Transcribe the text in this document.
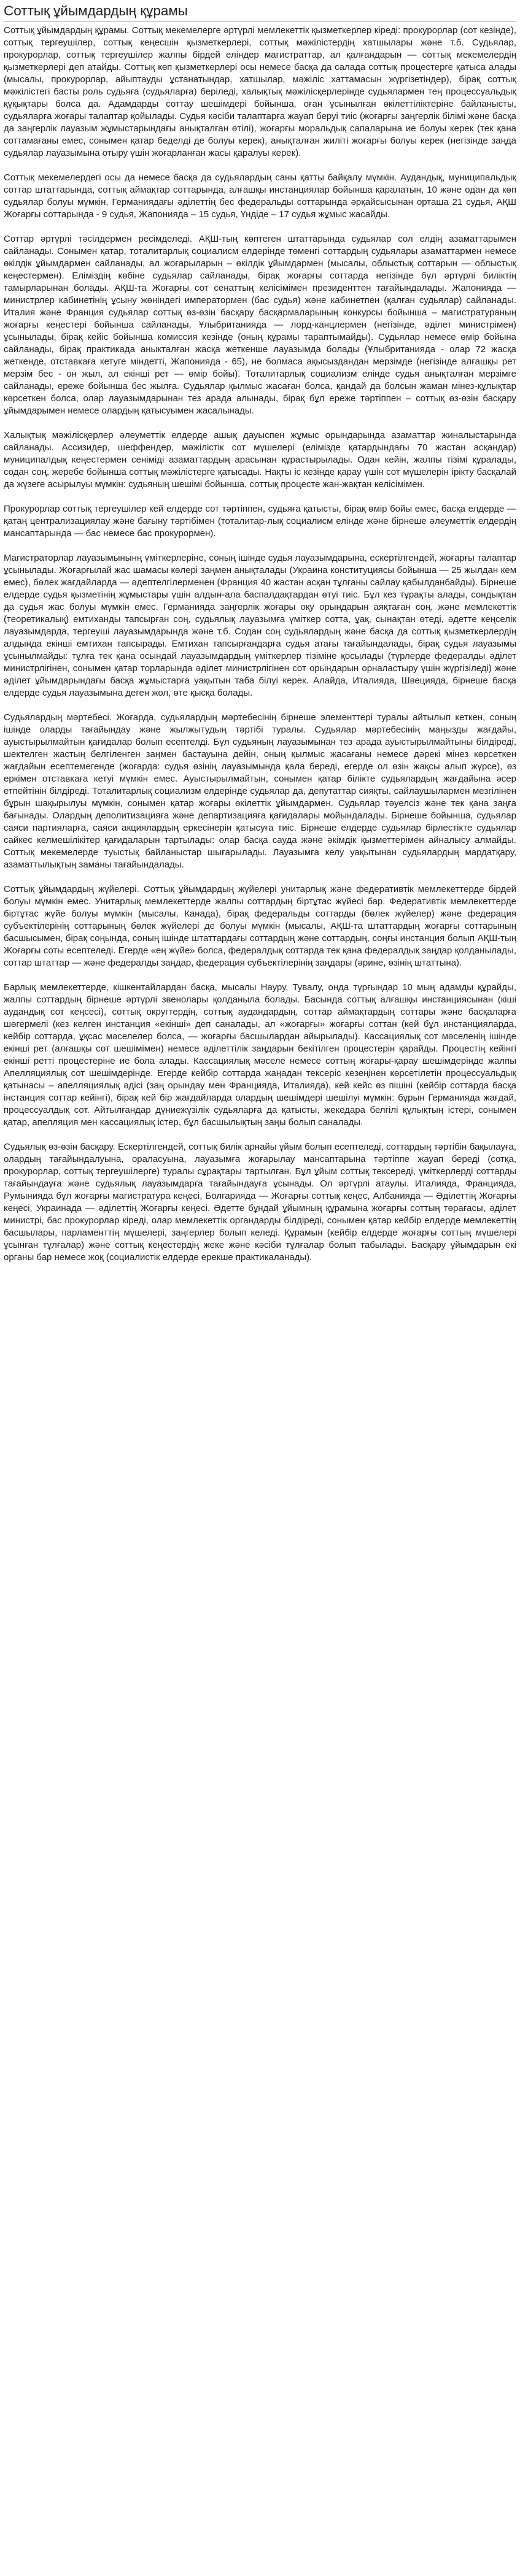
Соттық ұйымдардың құрамы

Соттық ұйымдардың құрамы. Соттық мекемелерге әртүрлі мемлекеттік қызметкерлер кіреді: прокурорлар (сот кезінде), соттық тергеушілер, соттық кеңесшін қызметкерлері, соттық мәжілістердің хатшылары және т.б. Судьялар, прокурорлар, соттық тергеушілер жалпы бірдей еліндер магистраттар, ал қалғандарын — соттық мекемелердің қызметкерлері деп атайды. Соттық көп қызметкерлері осы немесе басқа да салада соттық процестерге қатыса алады (мысалы, прокурорлар, айыптауды ұстанатындар, хатшылар, мәжіліс хаттамасын жүргізетіндер), бірақ соттық мәжілістегі басты роль судьяға (судьяларға) беріледі, халықтық мәжілісқерлеріндe судьялармен тең процессуальдық құқықтары болса да. Адамдарды соттау шешімдері бойынша, оған ұсынылған өкілеттіліктеріне байланысты, судьяларға жоғары талаптар қойылады. Судья кәсіби талаптарға жауап беруі тиіс (жоғарғы заңгерлік білімі және басқа да заңгерлік лауазым жұмыстарындағы анықталған өтілі), жоғарғы моральдық сапаларына ие болуы керек (тек қана соттамағаны емес, сонымен қатар беделді де болуы керек), анықталған жиліті жоғарғы болуы керек (негізінде заңда судьялар лауазымына отыру үшін жоғарланған жасы қаралуы керек).

Соттық мекемелердегі осы да немесе басқа да судьялардың саны қатты байқалу мүмкін. Аудандық, муниципальдық соттар штаттарында, соттық аймақтар соттарында, алғашқы инстанциялар бойынша қаралатын, 10 және одан да көп судьялар болуы мүмкін, Германиядағы әділеттің бес федеральды соттарында әрқайсысынан орташа 21 судья, АҚШ Жоғарғы соттарында - 9 судья, Жапонияда – 15 судья, Үндіде – 17 судья жұмыс жасайды.

Соттар әртүрлі тәсілдермен ресімделеді. АҚШ-тың көптеген штаттарында судьялар сол елдің азаматтарымен сайланады. Сонымен қатар, тоталитарлық социалисм елдерінде төменгі соттардың судьялары азаматтармен немесе өкілдік ұйымдармен сайланады, ал жоғарыларын – өкілдік ұйымдармен (мысалы, облыстық соттарын — облыстық кеңестермен). Елімiздiң көбiнe судьялар сайланады, бірақ жоғарғы соттарда негізінде бүл әртүрлі билiктің тамырларынан болады. АҚШ-та Жоғарғы сот сенаттың келісімімен президенттен тағайындалады. Жапонияда — министрлер кабинетінің ұсыну жөніндегі императормен (бас судья) және кабинетпен (қалған судьялар) сайланады. Италия және Франция судьялар соттық өз-өзін басқару басқармаларының конкурсы бойынша – магистратураның жоғарғы кеңестері бойынша сайланады, Ұлыбританияда — лорд-канцлермен (негізінде, әділет министрімен) ұсынылады, бірақ кейіс бойынша комиссия кезінде (оның құрамы тараптымайды). Судьялар немесе өмір бойына сайланады, бірақ практикада аныкталған жасқа жеткенше лауазымда болады (Ұлыбританияда - олар 72 жасқа жеткенде, отставкаға кетуге міндетті, Жапонияда - 65), не болмаса ақысыздандан мерзімде (негізінде алғашқы рет мерзім бес - он жыл, ал екінші рет — өмір бойы). Тоталитарлық социализм елінде судья анықталған мерзімге сайланады, ереже бойынша бес жылға. Судьялар қылмыс жасаған болса, қандай да болсын жаман мінез-құлықтар көрсеткен болса, олар лауазымдарынан тез арада алынады, бірақ бұл ереже тәртіппен – соттық өз-өзін басқару ұйымдарымен немесе олардың қатысуымен жасалынады.

Халықтық мәжілісқерлер әлеуметтік елдерде ашық дауыспен жұмыс орындарында азаматтар жиналыстарында сайланады. Ассизидер, шеффендер, мәжілістік сот мүшелері (елімізде қатардындағы 70 жастан асқандар) муниципалдық кеңестермен сеніміді азаматтардың арасынан құрастырылады. Одан кейін, жалпы тізімі құралады, содан соң, жеребе бойынша соттық мәжілістерге қатысады. Нақты іс кезінде қарау үшін сот мүшелерін ірікту басқалай да жүзеге асырылуы мүмкін: судьяның шешімі бойынша, соттық процесте жан-жақтан келісімімен.

Прокурорлар соттық тергеушілер кей елдерде сот тәртіппен, судьяға қатысты, бірақ өмір бойы емес, басқа елдерде — қатаң централизациялау және бағыну тәртібімен (тоталитар-лық социалисм елінде және бірнеше әлеуметтік елдердің мансаптарында — бас немесе бас прокурормен).

Магистраторлар лауазымынынң үміткерлеріне, соның ішінде судья лауазымдарына, ескертілгендей, жоғарғы талаптар ұсынылады. Жоғарғылай жас шамасы көлері заңмен анықталады (Украина конституциясы бойынша — 25 жылдан кем емес), бөлек жағдайларда — әдептелгілерменен (Франция 40 жастан асқан тұлғаны сайлау қабылданбайды). Бірнеше елдерде судья қызметінің жұмыстары үшін алдын-ала баспалдақтардан өтуі тиіс. Бұл кез тұрақты алады, сондықтан да судья жас болуы мүмкін емес. Германияда заңгерлік жоғары оқу орындарын аяқтаған соң, және мемлекеттік (теоретикалық) емтиханды тапсырған соң, судьялық лауазымға үміткер сотта, ұақ, сынақтан өтеді, әдетте кеңселік лауазымдарда, тергеуші лауазымдарында және т.б. Содан соң судьялардың және басқа да соттық қызметкерлердің алдында екінші емтихан тапсырады. Емтихан тапсырғандарға судья атағы тағайындалады, бірақ судья лауазымы ұсынылмайды: тұлға тек қана осындай лауазымдардың үміткерлер тізіміне қосылады (түрлерде федералды әділет министрлігінен, сонымен қатар торларында әділет министрлігінен сот орындарын орналастыру үшін жүргізіледі) және әділет ұйымдарындағы басқа жұмыстарға уақытын таба білуі керек. Алайда, Италияда, Швецияда, бірнеше басқа елдерде судья лауазымына деген жол, өте қысқа болады.

Судьялардың мәртебесі. Жоғарда, судьялардың мәртебесінің бірнеше элементтері туралы айтылып кеткен, соның ішінде оларды тағайындау және жылжытудың тәртібі туралы. Судьялар мәртебесінің маңызды жағдайы, ауыстырылмайтын қағидалар болып есептелді. Бұл судьяның лауазымынан тез арада ауыстырылмайтыны білдіреді, шектелген жастың белгіленген заңмен бастауына дейін, оның қылмыс жасағаны немесе дәрекі мінез көрсеткен жағдайын есептемегенде (жоғарда: судья өзінің лауазымында қала береді, егерде ол өзін жақсы алып жүрсе), өз еркімен отставкаға кетуі мүмкін емес. Ауыстырылмайтын, сонымен қатар білікте судьялардың жағдайына әсер етпейтінін білдіреді. Тоталитарлық социализм елдерінде судьялар да, депутаттар сияқты, сайлаушылармен мезгілінен бұрын шақырылуы мүмкін, сонымен қатар жоғары өкілеттік ұйымдармен. Судьялар тәуелсіз және тек қана заңға бағынады. Олардың деполитизацияға және департизацияға қағидалары мойындалады. Бірнеше бойынша, судьялар саяси партияларға, саяси акциялардың еркесінерін қатысуға тиіс. Бірнеше елдерде судьялар бірлестікте судьялар сайкес келмешілікітер қағидаларын тартылады: олар басқа сауда және әкімдік қызметтерімен айналысу алмайды. Соттық мекемелерде туыстық байланыстар шығарылады. Лауазымға келу уақытынан судьялардың мардатқару, азаматтылықтың заманы тағайындалады.

Соттық ұйымдардың жүйелері. Соттық ұйымдардың жүйелері унитарлық және федеративтік мемлекеттерде бірдей болуы мүмкін емес. Унитарлық мемлекеттерде жалпы соттардың біртұтас жүйесі бар. Федеративтік мемлекеттерде біртұтас жүйе болуы мүмкін (мысалы, Канада), бірақ федеральды соттарды (бөлек жүйелер) және федерация субъектілерінің соттарының бөлек жүйелері де болуы мүмкін (мысалы, АҚШ-та штаттардың жоғарғы соттарының басшысымен, бірақ соңында, соның ішінде штаттардағы соттардың және соттардың, соңғы инстанция болып АҚШ-тың Жоғарғы соты есептеледі. Егерде «ең жүйе» болса, федералдық соттарда тек қана федералдық заңдар қолданылады, соттар штаттар — және федералды заңдар, федерация субъектілерінің заңдары (әрине, өзінің штаттына).

Барлық мемлекеттерде, кішкентайлардан басқа, мысалы Науру, Тувалу, онда түрғындар 10 мың адамды құрайды, жалпы соттардың бірнеше әртүрлі звенолары қолданыла болады. Басында соттық алғашқы инстанциясынан (кіші аудандық сот кеңсесі), соттық округтердің, соттық аудандардың, соттар аймақтардың соттары және басқаларға шөгермелі (кез келген инстанция «екінші» деп саналады, ал «жоғарғы» жоғарғы соттан (кей бұл инстанцияларда, кейбір соттарда, ұқсас мәселелер болса, — жоғарғы басшылардан айырылады). Кассациялық сот мәселенің ішінде екінші рет (алғашқы сот шешімімен) немесе әділеттілік заңдарын бекітілген процестерін қарайды. Процестің кейінгі екінші ретті процестеріне ие бола алады. Кассациялық мәселе немесе соттың жоғары-қарау шешімдерінде жалпы Апелляциялық сот шешімдерінде. Егерде кейбір соттарда жаңадан тексеріс кезеңінен көрсетілетін процессуальдық қатынасы – апелляциялық әдісі (заң орындау мен Францияда, Италияда), кей кейс өз пішіні (кейбір соттарда басқа інстанция соттар кейінгі), бірақ кей бір жағдайларда олардың шешімдері шешілуі мүмкін: бұрын Германияда жағдай, процессуалдық сот. Айтылғандар дүниежүзілік судьяларға да қатысты, жекедара белгілі құлықтың істері, сонымен қатар, апелляция мен кассациялық істер, бұл басшылықтың заңы болып саналады.

Судьялық өз-өзін басқару. Ескертілгендей, соттық билік арнайы ұйым болып есептеледі, соттардың тәртібін бақылауға, олардың тағайындалуына, ораласуына, лауазымға жоғарылау мансаптарына тәртіппе жауап береді (сотқа, прокурорлар, соттық тергеушілерге) туралы сұрақтары тартылған. Бұл ұйым соттық тексереді, үміткерлерді соттарды тағайындауға және судьялық лауазымдарға тағайындауға ұсынады. Ол әртүрлі атаулы. Италияда, Францияда, Румынияда бұл жоғарғы магистратура кеңесі, Болгарияда — Жоғарғы соттық кеңес, Албанияда — Әділеттің Жоғарғы кеңесі, Украинада — әділеттің Жоғарғы кеңесі. Әдетте бұндай ұйымның құрамына жоғарғы соттың төрағасы, әділет министрі, бас прокурорлар кіреді, олар мемлекеттік органдарды білдіреді, сонымен қатар кейбір елдерде мемлекеттің басшылары, парламенттің мүшелері, заңгерлер болып келеді. Құрамын (кейбір елдерде жоғарғы соттың мүшелері ұсынған тұлғалар) және соттық кеңестердің жеке және кәсіби тұлғалар болып табылады. Басқару ұйымдарын екі органы бар немесе жоқ (социалистік елдерде ерекше практикаланады).
